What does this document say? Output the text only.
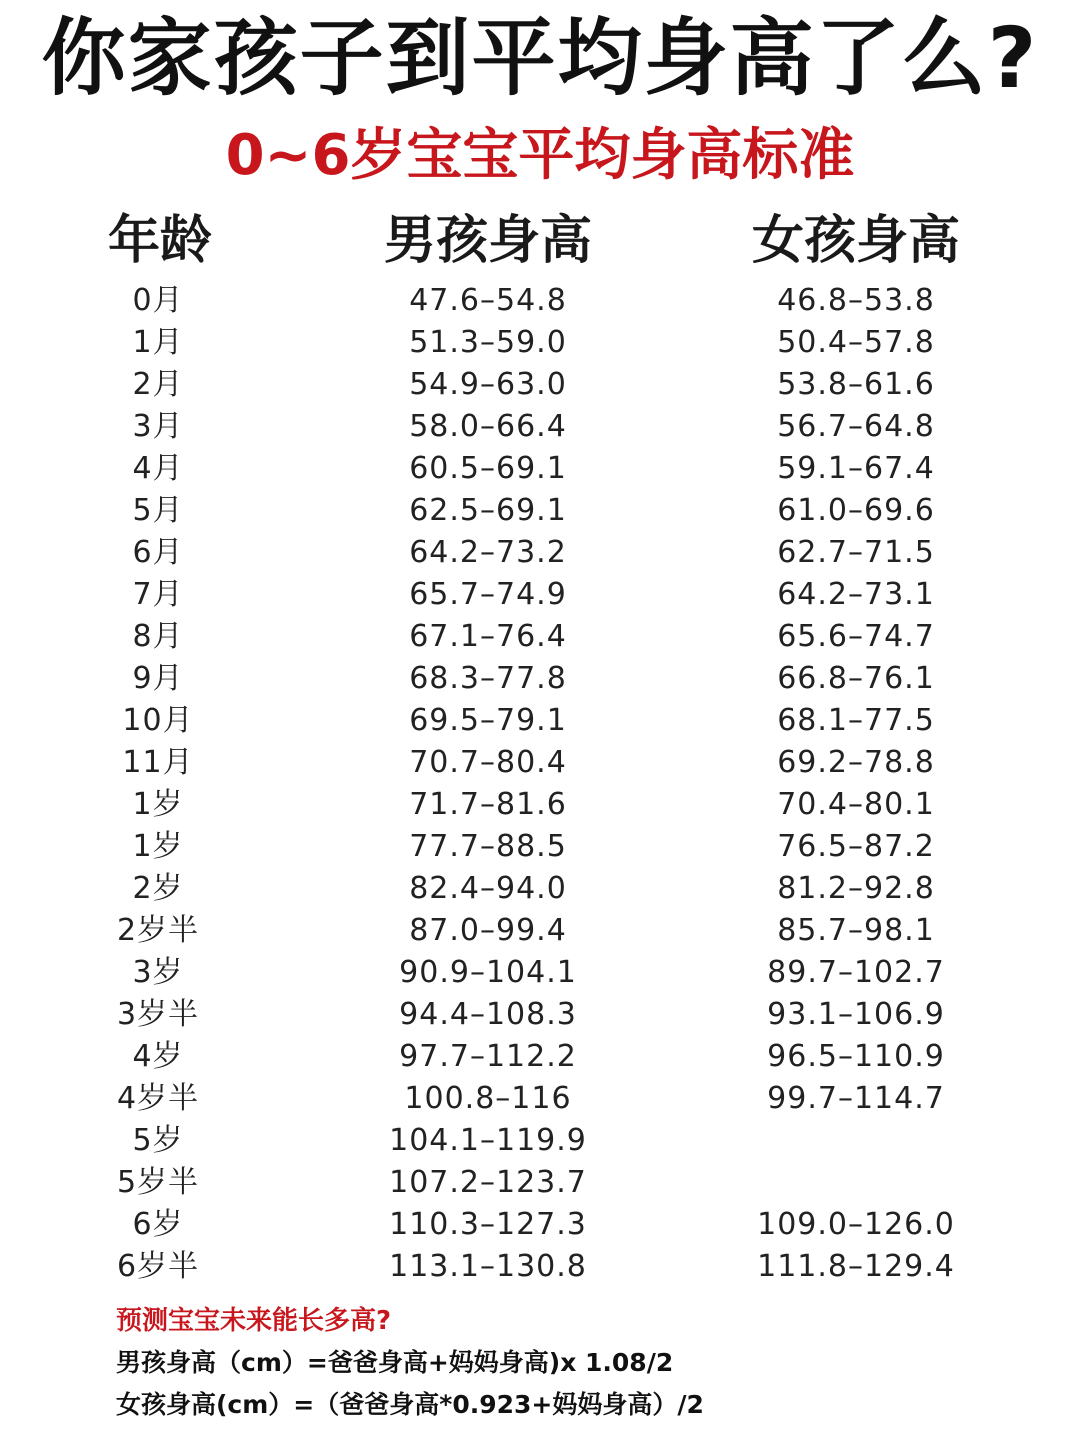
你家孩子到平均身高了么?
0~6岁宝宝平均身高标准
年龄	男孩身高	女孩身高
0月	47.6–54.8	46.8–53.8
1月	51.3–59.0	50.4–57.8
2月	54.9–63.0	53.8–61.6
3月	58.0–66.4	56.7–64.8
4月	60.5–69.1	59.1–67.4
5月	62.5–69.1	61.0–69.6
6月	64.2–73.2	62.7–71.5
7月	65.7–74.9	64.2–73.1
8月	67.1–76.4	65.6–74.7
9月	68.3–77.8	66.8–76.1
10月	69.5–79.1	68.1–77.5
11月	70.7–80.4	69.2–78.8
1岁	71.7–81.6	70.4–80.1
1岁	77.7–88.5	76.5–87.2
2岁	82.4–94.0	81.2–92.8
2岁半	87.0–99.4	85.7–98.1
3岁	90.9–104.1	89.7–102.7
3岁半	94.4–108.3	93.1–106.9
4岁	97.7–112.2	96.5–110.9
4岁半	100.8–116	99.7–114.7
5岁	104.1–119.9
5岁半	107.2–123.7
6岁	110.3–127.3	109.0–126.0
6岁半	113.1–130.8	111.8–129.4
预测宝宝未来能长多高?
男孩身高（cm）=爸爸身高+妈妈身高)x 1.08/2
女孩身高(cm）=（爸爸身高*0.923+妈妈身高）/2
